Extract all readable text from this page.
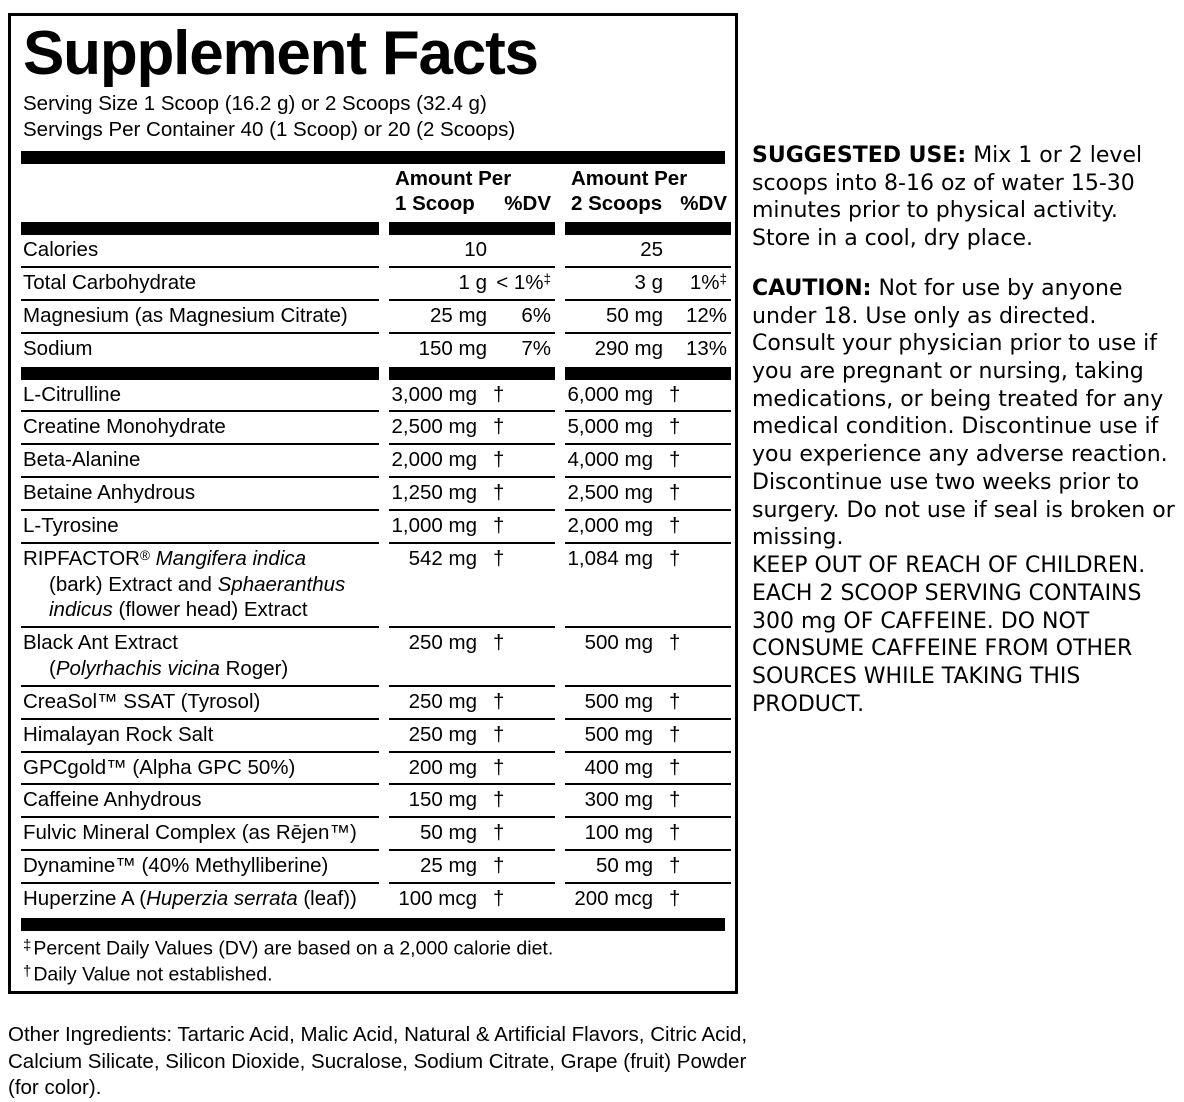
Supplement Facts
Serving Size 1 Scoop (16.2 g) or 2 Scoops (32.4 g)
Servings Per Container 40 (1 Scoop) or 20 (2 Scoops)

Amount Per
1 Scoop	%DV
Amount Per
2 Scoops %DV
Calories	10	25
Total Carbohydrate	1 g < 1%‡	3 g	1%‡
Magnesium (as Magnesium Citrate)	25 mg	6%	50 mg	12%
Sodium	150 mg	7%	290 mg	13%
L-Citrulline	3,000 mg †	6,000 mg †
Creatine Monohydrate	2,500 mg †	5,000 mg †
Beta-Alanine	2,000 mg †	4,000 mg †
Betaine Anhydrous	1,250 mg †	2,500 mg †
L-Tyrosine	1,000 mg †	2,000 mg †
RIPFACTOR® Mangifera indica
(bark) Extract and Sphaeranthus
indicus (flower head) Extract
542 mg †	1,084 mg †
Black Ant Extract
(Polyrhachis vicina Roger)
250 mg †	500 mg †
CreaSol™ SSAT (Tyrosol)	250 mg †	500 mg †
Himalayan Rock Salt	250 mg †	500 mg †
GPCgold™ (Alpha GPC 50%)	200 mg †	400 mg †
Caffeine Anhydrous	150 mg †	300 mg †
Fulvic Mineral Complex (as Rējen™)	50 mg †	100 mg †
Dynamine™ (40% Methylliberine)	25 mg †	50 mg †
Huperzine A (Huperzia serrata (leaf))	100 mcg †	200 mcg †
‡ Percent Daily Values (DV) are based on a 2,000 calorie diet.
† Daily Value not established.
Other Ingredients: Tartaric Acid, Malic Acid, Natural & Artificial Flavors, Citric Acid, Calcium Silicate, Silicon Dioxide, Sucralose, Sodium Citrate, Grape (fruit) Powder (for color).

SUGGESTED USE: Mix 1 or 2 level scoops into 8-16 oz of water 15-30 minutes prior to physical activity. Store in a cool, dry place.

CAUTION: Not for use by anyone under 18. Use only as directed. Consult your physician prior to use if you are pregnant or nursing, taking medications, or being treated for any medical condition. Discontinue use if you experience any adverse reaction. Discontinue use two weeks prior to surgery. Do not use if seal is broken or missing.

KEEP OUT OF REACH OF CHILDREN. EACH 2 SCOOP SERVING CONTAINS 300 mg OF CAFFEINE. DO NOT CONSUME CAFFEINE FROM OTHER SOURCES WHILE TAKING THIS PRODUCT.
